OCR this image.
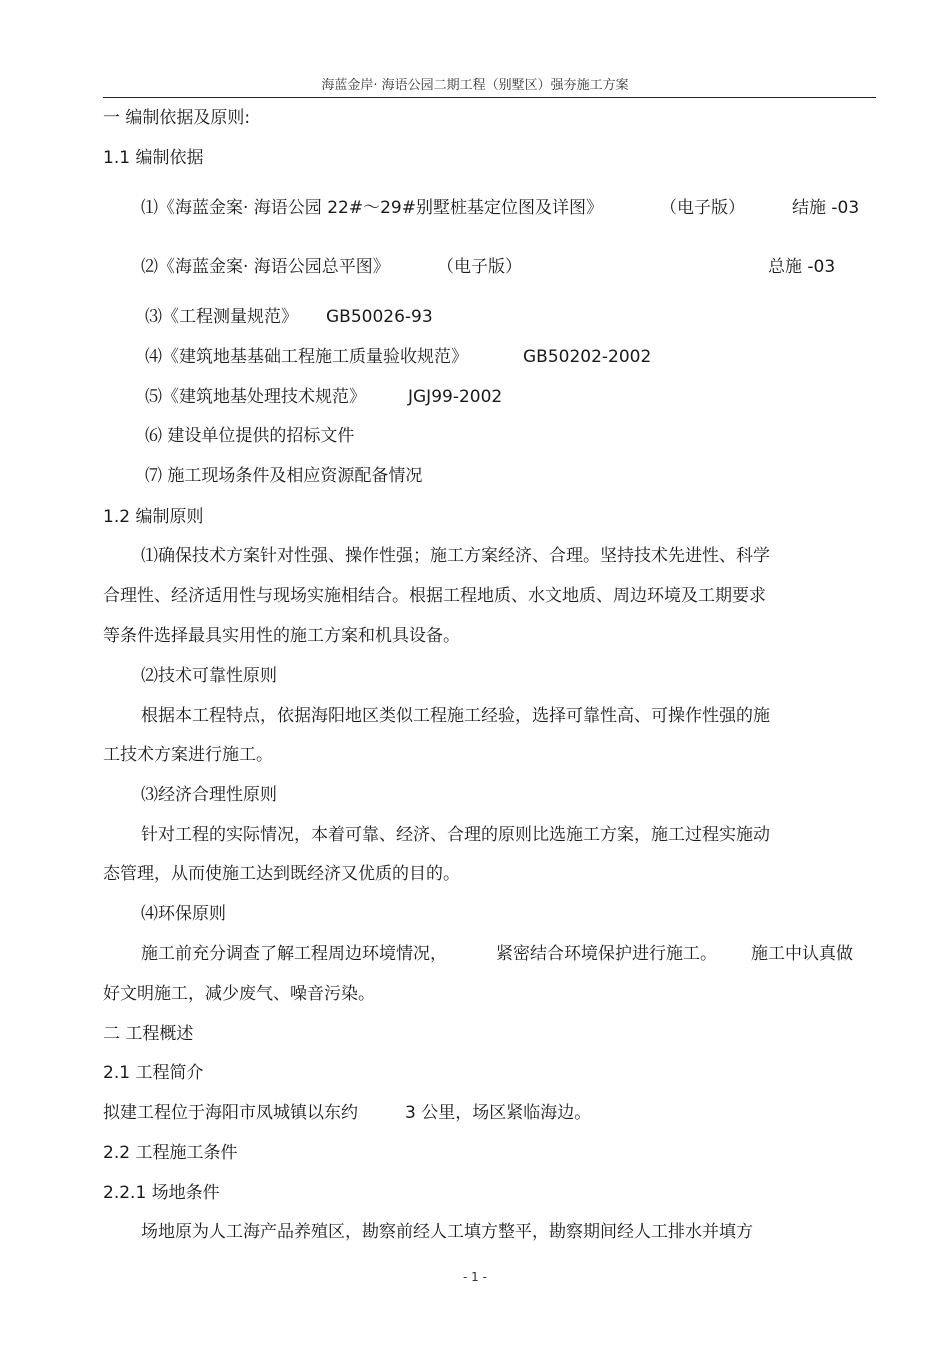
海蓝金岸· 海语公园二期工程（别墅区）强夯施工方案
一 编制依据及原则:
1.1 编制依据
⑴《海蓝金案· 海语公园 22#～29#别墅桩基定位图及详图》	（电子版）	结施 -03
⑵《海蓝金案· 海语公园总平图》	（电子版）	总施 -03
⑶《工程测量规范》 GB50026-93
⑷《建筑地基基础工程施工质量验收规范》	GB50202-2002
⑸《建筑地基处理技术规范》 JGJ99-2002
⑹ 建设单位提供的招标文件
⑺ 施工现场条件及相应资源配备情况
1.2 编制原则
⑴确保技术方案针对性强、操作性强；施工方案经济、合理。坚持技术先进性、科学
合理性、经济适用性与现场实施相结合。根据工程地质、水文地质、周边环境及工期要求
等条件选择最具实用性的施工方案和机具设备。
⑵技术可靠性原则
根据本工程特点，依据海阳地区类似工程施工经验，选择可靠性高、可操作性强的施
工技术方案进行施工。
⑶经济合理性原则
针对工程的实际情况，本着可靠、经济、合理的原则比选施工方案，施工过程实施动
态管理，从而使施工达到既经济又优质的目的。
⑷环保原则
施工前充分调查了解工程周边环境情况，	紧密结合环境保护进行施工。 施工中认真做
好文明施工，减少废气、噪音污染。
二 工程概述
2.1 工程简介
拟建工程位于海阳市凤城镇以东约	3 公里，场区紧临海边。
2.2 工程施工条件
2.2.1 场地条件
场地原为人工海产品养殖区，勘察前经人工填方整平，勘察期间经人工排水并填方
- 1 -
